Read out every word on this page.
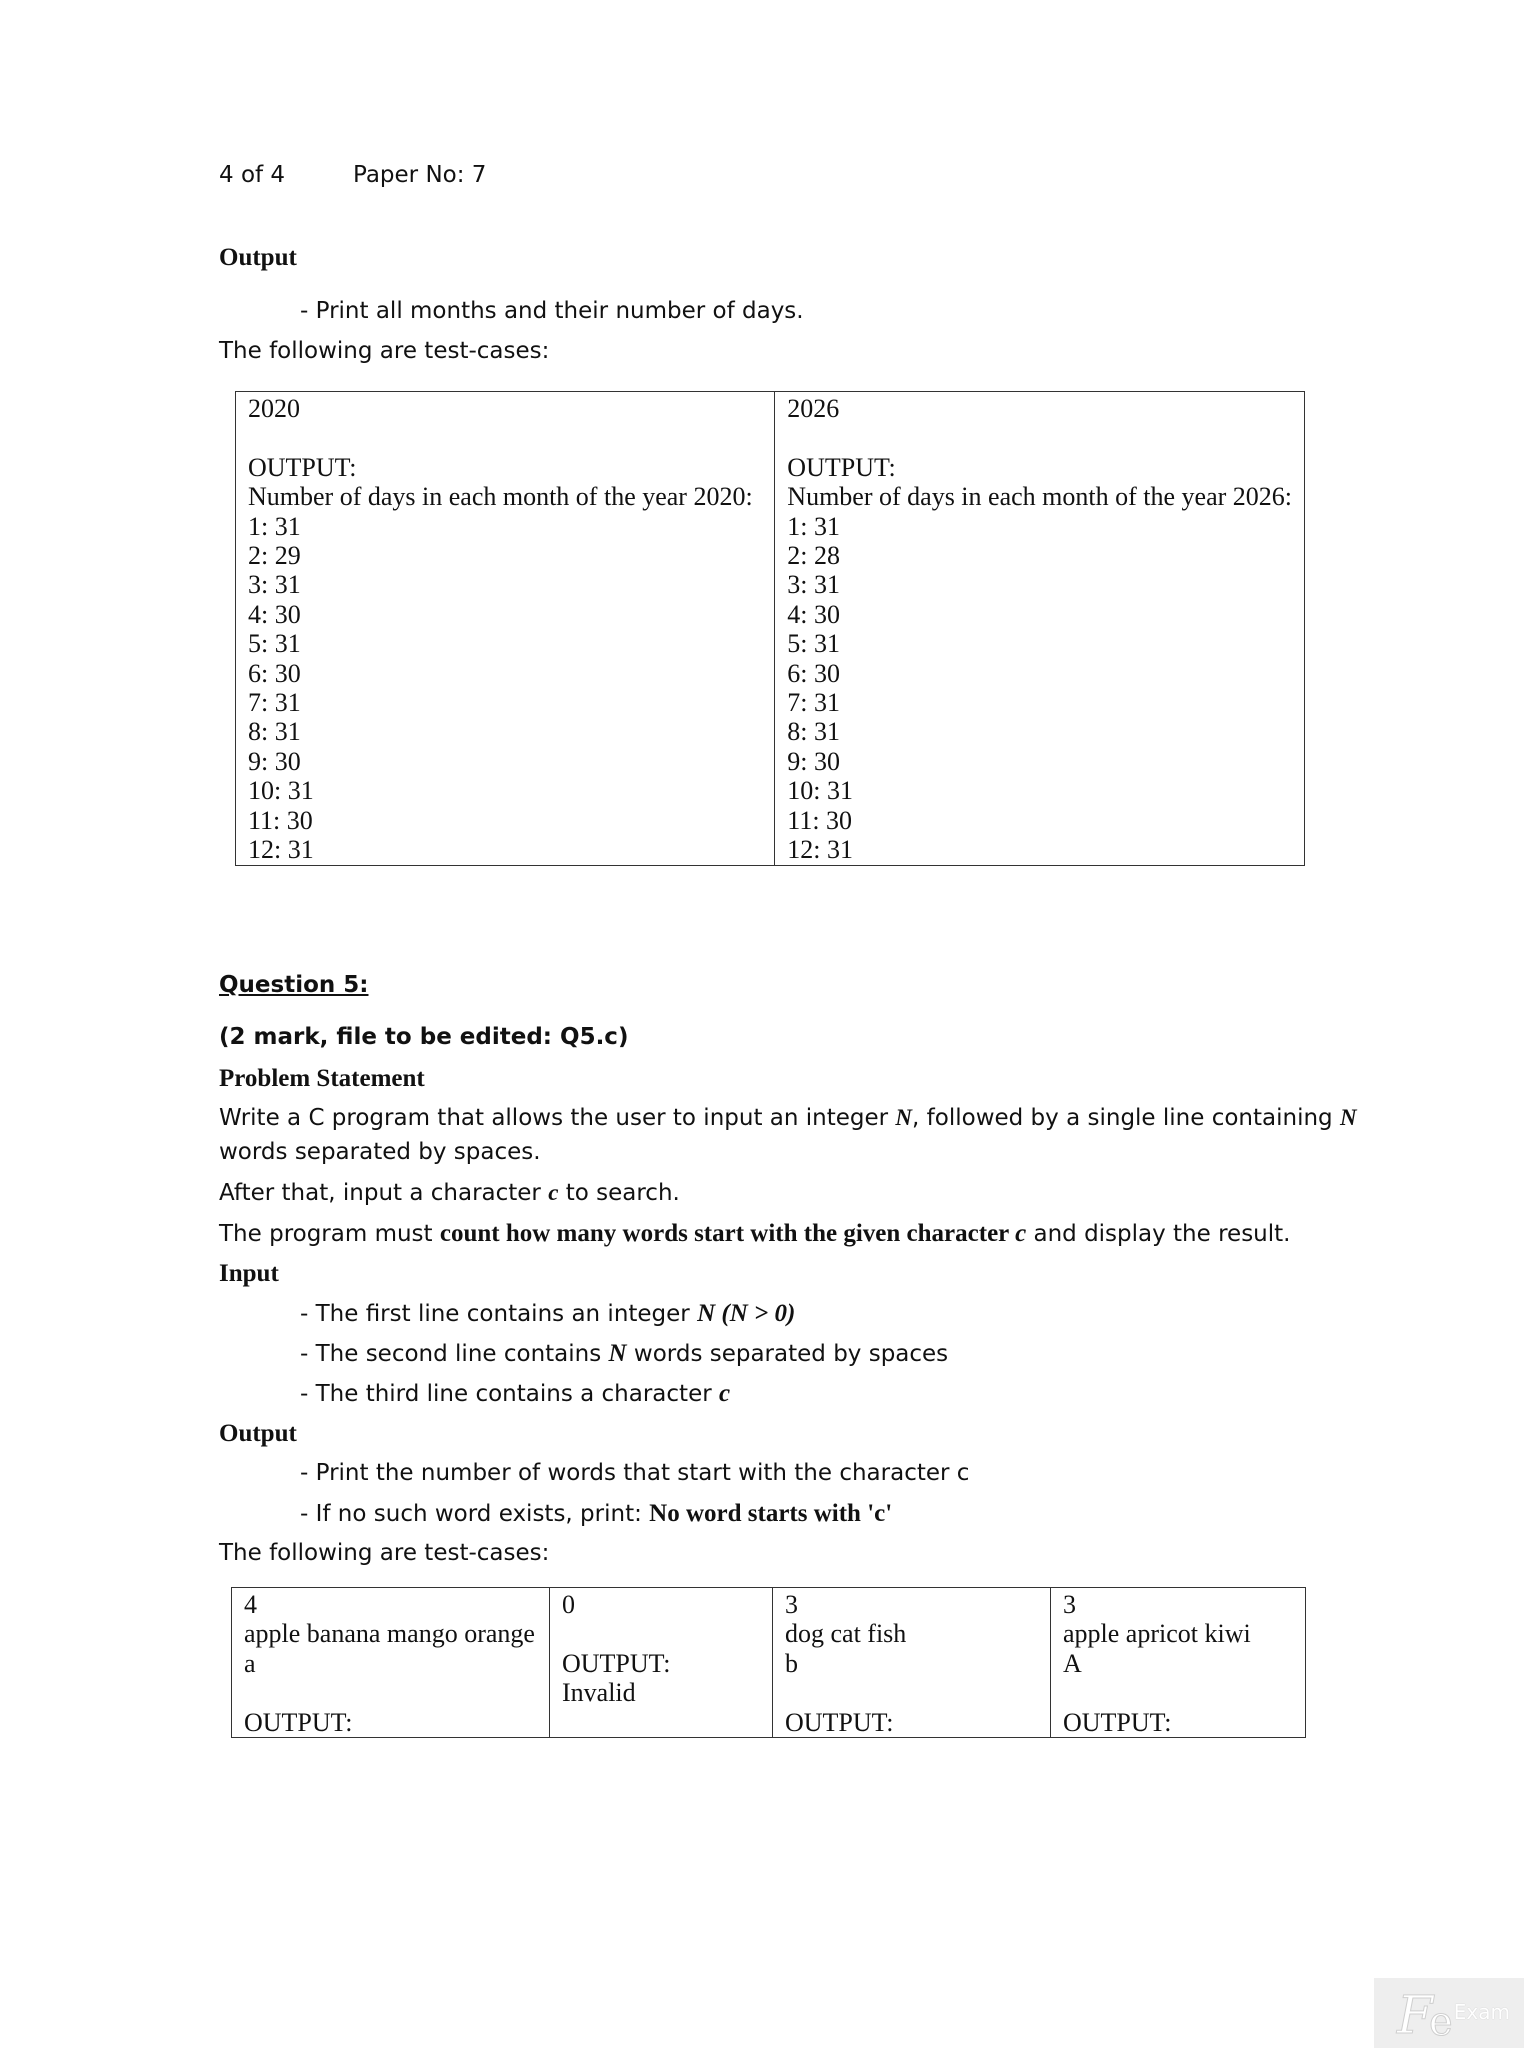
4 of 4	Paper No: 7
Output
- Print all months and their number of days.
The following are test-cases:
2020

OUTPUT:
Number of days in each month of the year 2020:
1: 31
2: 29
3: 31
4: 30
5: 31
6: 30
7: 31
8: 31
9: 30
10: 31
11: 30
12: 31	2026

OUTPUT:
Number of days in each month of the year 2026:
1: 31
2: 28
3: 31
4: 30
5: 31
6: 30
7: 31
8: 31
9: 30
10: 31
11: 30
12: 31
Question 5:
(2 mark, file to be edited: Q5.c)
Problem Statement
Write a C program that allows the user to input an integer N, followed by a single line containing N
words separated by spaces.
After that, input a character c to search.
The program must count how many words start with the given character c and display the result.
Input
- The first line contains an integer N (N > 0)
- The second line contains N words separated by spaces
- The third line contains a character c
Output
- Print the number of words that start with the character c
- If no such word exists, print: No word starts with 'c'
The following are test-cases:
4
apple banana mango orange
a

OUTPUT:	0

OUTPUT:
Invalid	3
dog cat fish
b

OUTPUT:	3
apple apricot kiwi
A

OUTPUT:
F
e Exam
